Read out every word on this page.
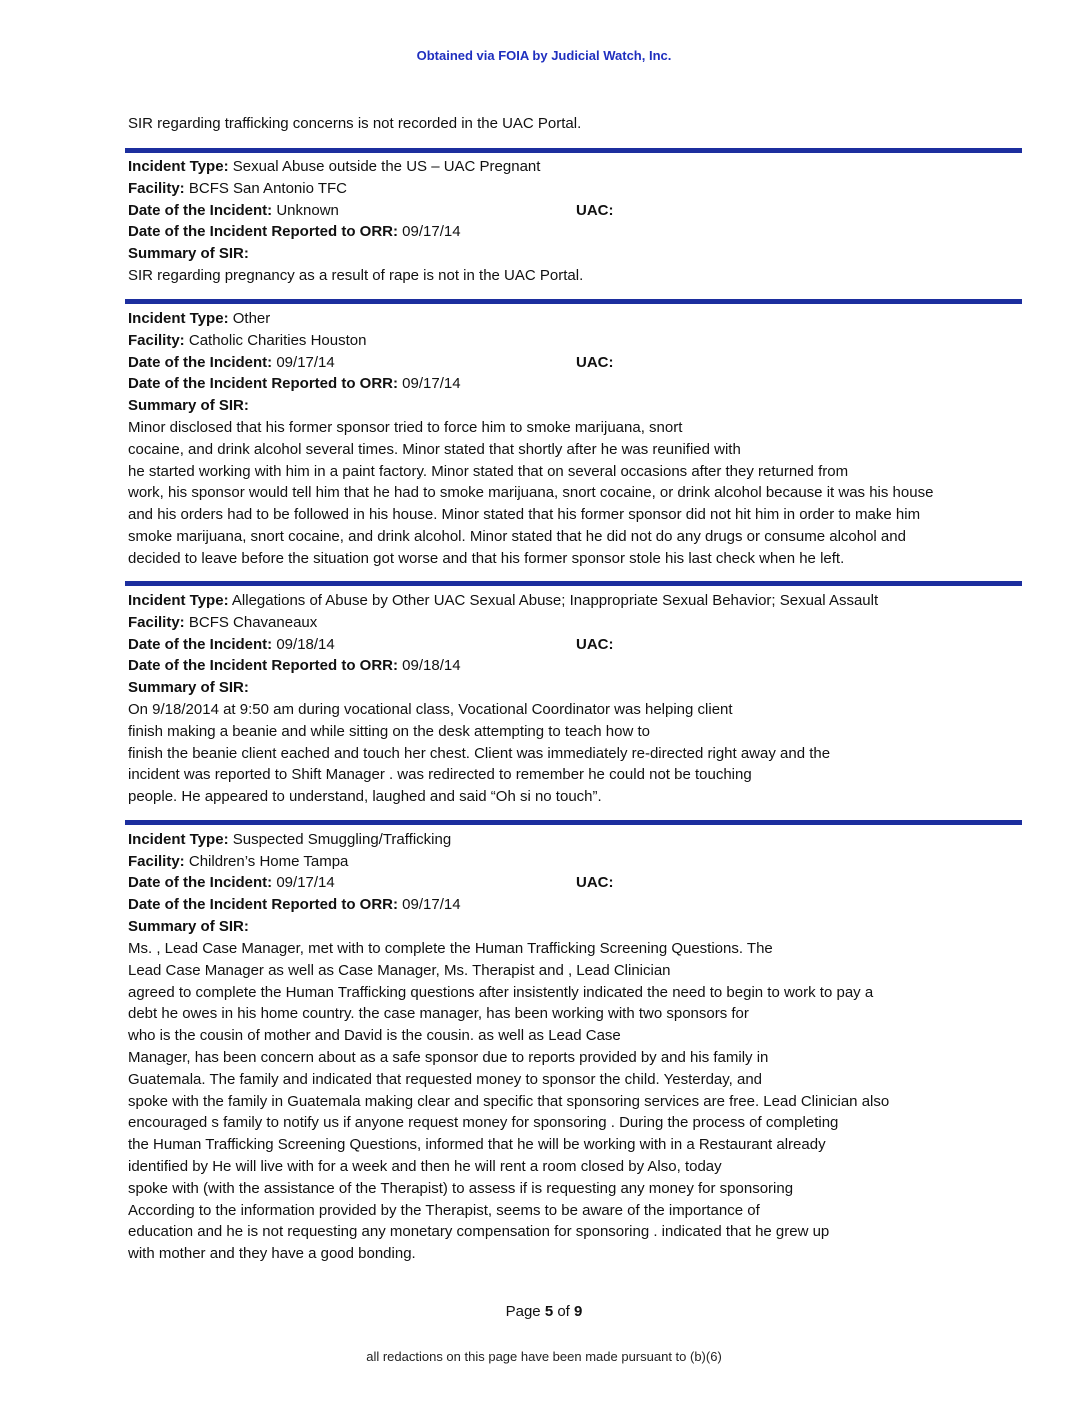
Obtained via FOIA by Judicial Watch, Inc.
SIR regarding trafficking concerns is not recorded in the UAC Portal.
Incident Type: Sexual Abuse outside the US – UAC Pregnant
Facility: BCFS San Antonio TFC
Date of the Incident: Unknown	UAC:
Date of the Incident Reported to ORR: 09/17/14
Summary of SIR:

SIR regarding pregnancy as a result of rape is not in the UAC Portal.

Incident Type: Other
Facility: Catholic Charities Houston
Date of the Incident: 09/17/14	UAC:
Date of the Incident Reported to ORR: 09/17/14
Summary of SIR:

Minor disclosed that his former sponsor tried to force him to smoke marijuana, snort

cocaine, and drink alcohol several times. Minor stated that shortly after he was reunified with

he started working with him in a paint factory. Minor stated that on several occasions after they returned from

work, his sponsor would tell him that he had to smoke marijuana, snort cocaine, or drink alcohol because it was his house

and his orders had to be followed in his house. Minor stated that his former sponsor did not hit him in order to make him

smoke marijuana, snort cocaine, and drink alcohol. Minor stated that he did not do any drugs or consume alcohol and

decided to leave before the situation got worse and that his former sponsor stole his last check when he left.

Incident Type: Allegations of Abuse by Other UAC Sexual Abuse; Inappropriate Sexual Behavior; Sexual Assault
Facility: BCFS Chavaneaux
Date of the Incident: 09/18/14	UAC:
Date of the Incident Reported to ORR: 09/18/14
Summary of SIR:

On 9/18/2014 at 9:50 am during vocational class, Vocational Coordinator was helping client

finish making a beanie and while sitting on the desk attempting to teach how to

finish the beanie client eached and touch her chest. Client was immediately re-directed right away and the

incident was reported to Shift Manager . was redirected to remember he could not be touching

people. He appeared to understand, laughed and said “Oh si no touch”.

Incident Type: Suspected Smuggling/Trafficking
Facility: Children’s Home Tampa
Date of the Incident: 09/17/14	UAC:
Date of the Incident Reported to ORR: 09/17/14
Summary of SIR:

Ms. , Lead Case Manager, met with to complete the Human Trafficking Screening Questions. The

Lead Case Manager as well as Case Manager, Ms. Therapist and , Lead Clinician

agreed to complete the Human Trafficking questions after insistently indicated the need to begin to work to pay a

debt he owes in his home country. the case manager, has been working with two sponsors for

who is the cousin of mother and David is the cousin. as well as Lead Case

Manager, has been concern about as a safe sponsor due to reports provided by and his family in

Guatemala. The family and indicated that requested money to sponsor the child. Yesterday, and

spoke with the family in Guatemala making clear and specific that sponsoring services are free. Lead Clinician also

encouraged s family to notify us if anyone request money for sponsoring . During the process of completing

the Human Trafficking Screening Questions, informed that he will be working with in a Restaurant already

identified by He will live with for a week and then he will rent a room closed by Also, today

spoke with (with the assistance of the Therapist) to assess if is requesting any money for sponsoring

According to the information provided by the Therapist, seems to be aware of the importance of

education and he is not requesting any monetary compensation for sponsoring . indicated that he grew up

with mother and they have a good bonding.

Page 5 of 9
all redactions on this page have been made pursuant to (b)(6)
